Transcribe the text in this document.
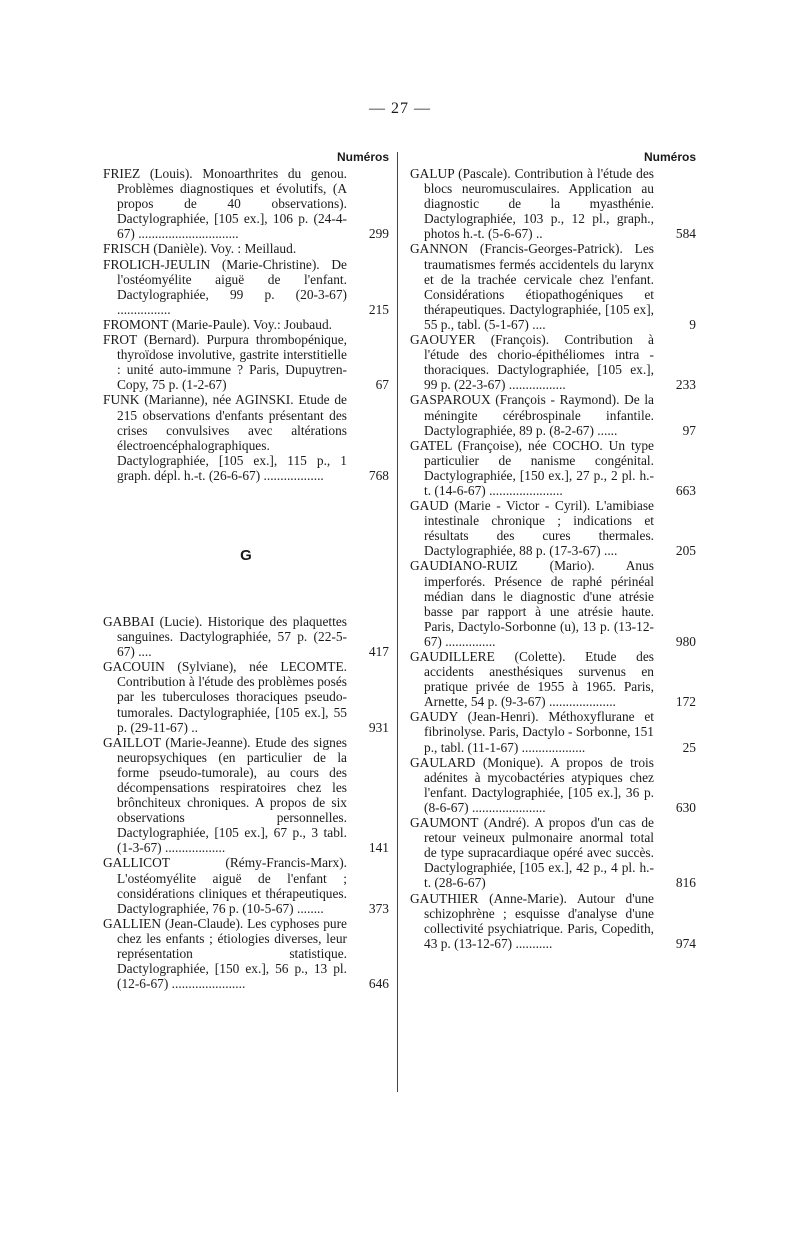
— 27 —
Numéros
FRIEZ (Louis). Monoarthrites du genou. Problèmes diagnostiques et évolutifs, (A propos de 40 observations). Dactylographiée, [105 ex.], 106 p. (24-4-67) ..............................	299
FRISCH (Danièle). Voy. : Meillaud.
FROLICH-JEULIN (Marie-Christine). De l'ostéomyélite aiguë de l'enfant. Dactylographiée, 99 p. (20-3-67) ................	215
FROMONT (Marie-Paule). Voy.: Joubaud.
FROT (Bernard). Purpura thrombopénique, thyroïdose involutive, gastrite interstitielle : unité auto-immune ? Paris, Dupuytren-Copy, 75 p. (1-2-67)	67
FUNK (Marianne), née AGINSKI. Etude de 215 observations d'enfants présentant des crises convulsives avec altérations électroencéphalographiques. Dactylographiée, [105 ex.], 115 p., 1 graph. dépl. h.-t. (26-6-67) ..................	768
G
GABBAI (Lucie). Historique des plaquettes sanguines. Dactylographiée, 57 p. (22-5-67) ....	417
GACOUIN (Sylviane), née LECOMTE. Contribution à l'étude des problèmes posés par les tuberculoses thoraciques pseudo-tumorales. Dactylographiée, [105 ex.], 55 p. (29-11-67) ..	931
GAILLOT (Marie-Jeanne). Etude des signes neuropsychiques (en particulier de la forme pseudo-tumorale), au cours des décompensations respiratoires chez les brônchiteux chroniques. A propos de six observations personnelles. Dactylographiée, [105 ex.], 67 p., 3 tabl. (1-3-67) ..................	141
GALLICOT (Rémy-Francis-Marx). L'ostéomyélite aiguë de l'enfant ; considérations cliniques et thérapeutiques. Dactylographiée, 76 p. (10-5-67) ........	373
GALLIEN (Jean-Claude). Les cyphoses pure chez les enfants ; étiologies diverses, leur représentation statistique. Dactylographiée, [150 ex.], 56 p., 13 pl. (12-6-67) ......................	646
Numéros
GALUP (Pascale). Contribution à l'étude des blocs neuromusculaires. Application au diagnostic de la myasthénie. Dactylographiée, 103 p., 12 pl., graph., photos h.-t. (5-6-67) ..	584
GANNON (Francis-Georges-Patrick). Les traumatismes fermés accidentels du larynx et de la trachée cervicale chez l'enfant. Considérations étiopathogéniques et thérapeutiques. Dactylographiée, [105 ex], 55 p., tabl. (5-1-67) ....	9
GAOUYER (François). Contribution à l'étude des chorio-épithéliomes intra - thoraciques. Dactylographiée, [105 ex.], 99 p. (22-3-67) .................	233
GASPAROUX (François - Raymond). De la méningite cérébrospinale infantile. Dactylographiée, 89 p. (8-2-67) ......	97
GATEL (Françoise), née COCHO. Un type particulier de nanisme congénital. Dactylographiée, [150 ex.], 27 p., 2 pl. h.-t. (14-6-67) ......................	663
GAUD (Marie - Victor - Cyril). L'amibiase intestinale chronique ; indications et résultats des cures thermales. Dactylographiée, 88 p. (17-3-67) ....	205
GAUDIANO-RUIZ (Mario). Anus imperforés. Présence de raphé périnéal médian dans le diagnostic d'une atrésie basse par rapport à une atrésie haute. Paris, Dactylo-Sorbonne (u), 13 p. (13-12-67) ...............	980
GAUDILLERE (Colette). Etude des accidents anesthésiques survenus en pratique privée de 1955 à 1965. Paris, Arnette, 54 p. (9-3-67) ....................	172
GAUDY (Jean-Henri). Méthoxyflurane et fibrinolyse. Paris, Dactylo - Sorbonne, 151 p., tabl. (11-1-67) ...................	25
GAULARD (Monique). A propos de trois adénites à mycobactéries atypiques chez l'enfant. Dactylographiée, [105 ex.], 36 p. (8-6-67) ......................	630
GAUMONT (André). A propos d'un cas de retour veineux pulmonaire anormal total de type supracardiaque opéré avec succès. Dactylographiée, [105 ex.], 42 p., 4 pl. h.-t. (28-6-67)	816
GAUTHIER (Anne-Marie). Autour d'une schizophrène ; esquisse d'analyse d'une collectivité psychiatrique. Paris, Copedith, 43 p. (13-12-67) ...........	974
